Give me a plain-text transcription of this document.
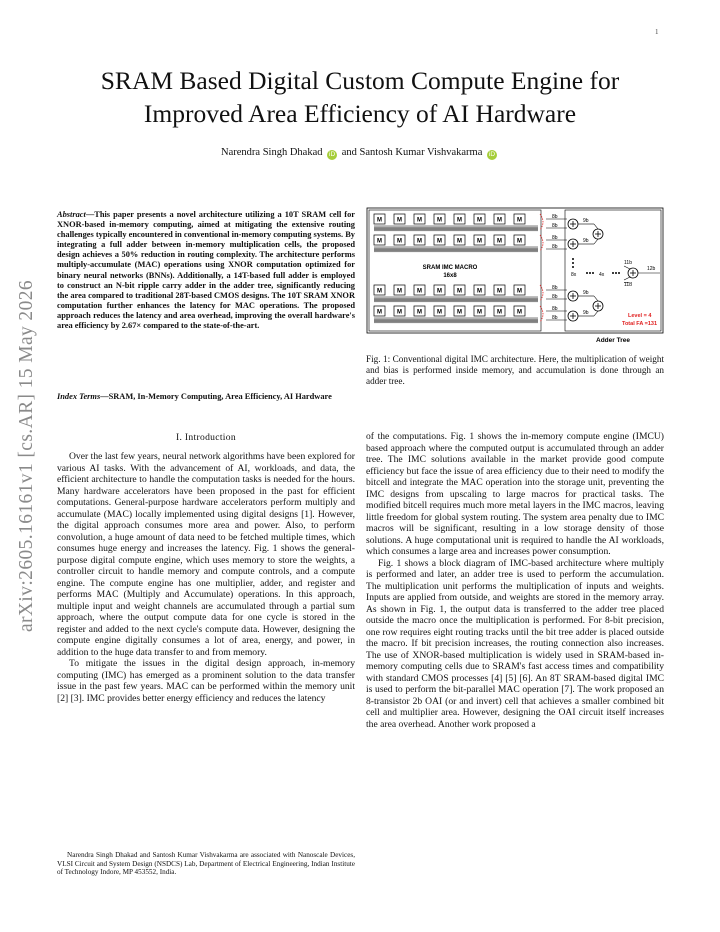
1
arXiv:2605.16161v1 [cs.AR] 15 May 2026
SRAM Based Digital Custom Compute Engine for
Improved Area Efficiency of AI Hardware
Narendra Singh Dhakad iD and Santosh Kumar Vishvakarma iD
Abstract—This paper presents a novel architecture utilizing a 10T SRAM cell for XNOR-based in-memory computing, aimed at mitigating the extensive routing challenges typically encountered in conventional in-memory computing systems. By integrating a full adder between in-memory multiplication cells, the proposed design achieves a 50% reduction in routing complexity. The architecture performs multiply-accumulate (MAC) operations using XNOR computation optimized for binary neural networks (BNNs). Additionally, a 14T-based full adder is employed to construct an N-bit ripple carry adder in the adder tree, significantly reducing the area compared to traditional 28T-based CMOS designs. The 10T SRAM XNOR computation further enhances the latency for MAC operations. The proposed approach reduces the latency and area overhead, improving the overall hardware's area efficiency by 2.67× compared to the state-of-the-art.
Index Terms—SRAM, In-Memory Computing, Area Efficiency, AI Hardware
I. Introduction

Over the last few years, neural network algorithms have been explored for various AI tasks. With the advancement of AI, workloads, and data, the efficient architecture to handle the computation tasks is needed for the hours. Many hardware accelerators have been proposed in the past for efficient computations. General-purpose hardware accelerators perform multiply and accumulate (MAC) locally implemented using digital designs [1]. However, the digital approach consumes more area and power. Also, to perform convolution, a huge amount of data need to be fetched multiple times, which consumes huge energy and increases the latency. Fig. 1 shows the general-purpose digital compute engine, which uses memory to store the weights, a controller circuit to handle memory and compute controls, and a compute engine. The compute engine has one multiplier, adder, and register and performs MAC (Multiply and Accumulate) operations. In this approach, multiple input and weight channels are accumulated through a partial sum approach, where the output compute data for one cycle is stored in the register and added to the next cycle's compute data. However, designing the compute engine digitally consumes a lot of area, energy, and power, in addition to the huge data transfer to and from memory.

To mitigate the issues in the digital design approach, in-memory computing (IMC) has emerged as a prominent solution to the data transfer issue in the past few years. MAC can be performed within the memory unit [2] [3]. IMC provides better energy efficiency and reduces the latency

Narendra Singh Dhakad and Santosh Kumar Vishvakarma are associated with Nanoscale Devices, VLSI Circuit and System Design (NSDCS) Lab, Department of Electrical Engineering, Indian Institute of Technology Indore, MP 453552, India.
M	M	M	M	M	M	M	M
8b
8b
M	M	M	M	M	M	M	M
8b
8b
M	M	M	M	M	M	M	M
8b
8b
M	M	M	M	M	M	M	M
8b
8b
SRAM IMC MACRO
16x8
9b
9b
9b
9b
8x	4x
11b
11b
12b
Level = 4
Total FA =131
Adder Tree
Fig. 1: Conventional digital IMC architecture. Here, the multiplication of weight and bias is performed inside memory, and accumulation is done through an adder tree.

of the computations. Fig. 1 shows the in-memory compute engine (IMCU) based approach where the computed output is accumulated through an adder tree. The IMC solutions available in the market provide good compute efficiency but face the issue of area efficiency due to their need to modify the bitcell and integrate the MAC operation into the storage unit, preventing the IMC designs from upscaling to large macros for practical tasks. The modified bitcell requires much more metal layers in the IMC macros, leaving little freedom for global system routing. The system area penalty due to IMC macros will be significant, resulting in a low storage density of those solutions. A huge computational unit is required to handle the AI workloads, which consumes a large area and increases power consumption.

Fig. 1 shows a block diagram of IMC-based architecture where multiply is performed and later, an adder tree is used to perform the accumulation. The multiplication unit performs the multiplication of inputs and weights. Inputs are applied from outside, and weights are stored in the memory array. As shown in Fig. 1, the output data is transferred to the adder tree placed outside the macro once the multiplication is performed. For 8-bit precision, one row requires eight routing tracks until the bit tree adder is placed outside the macro. If bit precision increases, the routing connection also increases. The use of XNOR-based multiplication is widely used in SRAM-based in-memory computing cells due to SRAM's fast access times and compatibility with standard CMOS processes [4] [5] [6]. An 8T SRAM-based digital IMC is used to perform the bit-parallel MAC operation [7]. The work proposed an 8-transistor 2b OAI (or and invert) cell that achieves a smaller combined bit cell and multiplier area. However, designing the OAI circuit itself increases the area overhead. Another work proposed a
